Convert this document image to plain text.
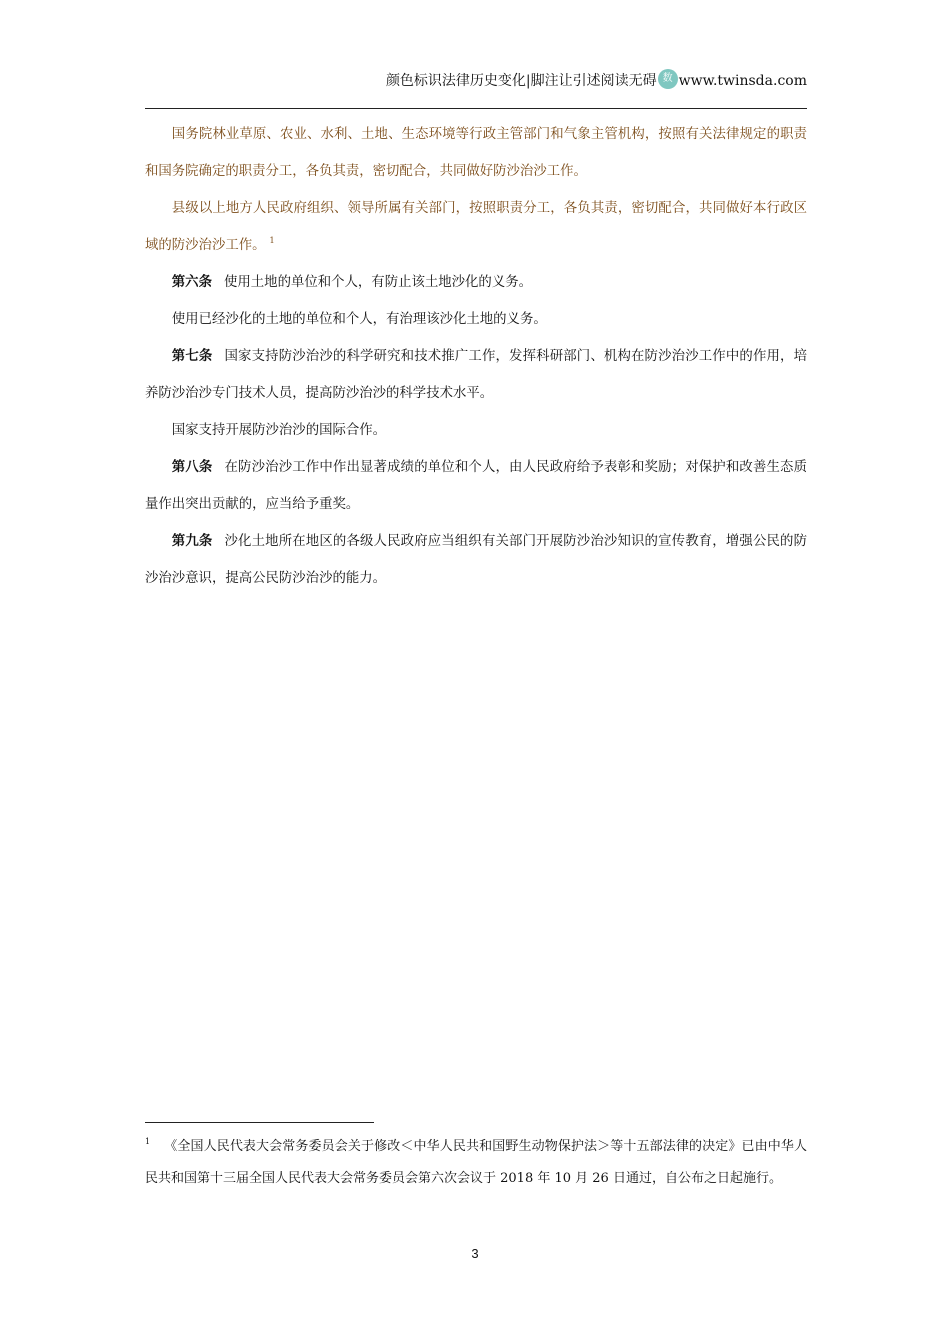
颜色标识法律历史变化|脚注让引述阅读无碍 数 www.twinsda.com

国务院林业草原、农业、水利、土地、生态环境等行政主管部门和气象主管机构，按照有关法律规定的职责和国务院确定的职责分工，各负其责，密切配合，共同做好防沙治沙工作。

县级以上地方人民政府组织、领导所属有关部门，按照职责分工，各负其责，密切配合，共同做好本行政区域的防沙治沙工作。 $^1$

第六条 使用土地的单位和个人，有防止该土地沙化的义务。

使用已经沙化的土地的单位和个人，有治理该沙化土地的义务。

第七条 国家支持防沙治沙的科学研究和技术推广工作，发挥科研部门、机构在防沙治沙工作中的作用，培养防沙治沙专门技术人员，提高防沙治沙的科学技术水平。

国家支持开展防沙治沙的国际合作。

第八条 在防沙治沙工作中作出显著成绩的单位和个人，由人民政府给予表彰和奖励；对保护和改善生态质量作出突出贡献的，应当给予重奖。

第九条 沙化土地所在地区的各级人民政府应当组织有关部门开展防沙治沙知识的宣传教育，增强公民的防沙治沙意识，提高公民防沙治沙的能力。

$^1$ 《全国人民代表大会常务委员会关于修改＜中华人民共和国野生动物保护法＞等十五部法律的决定》已由中华人民共和国第十三届全国人民代表大会常务委员会第六次会议于 2018 年 10 月 26 日通过，自公布之日起施行。
3
